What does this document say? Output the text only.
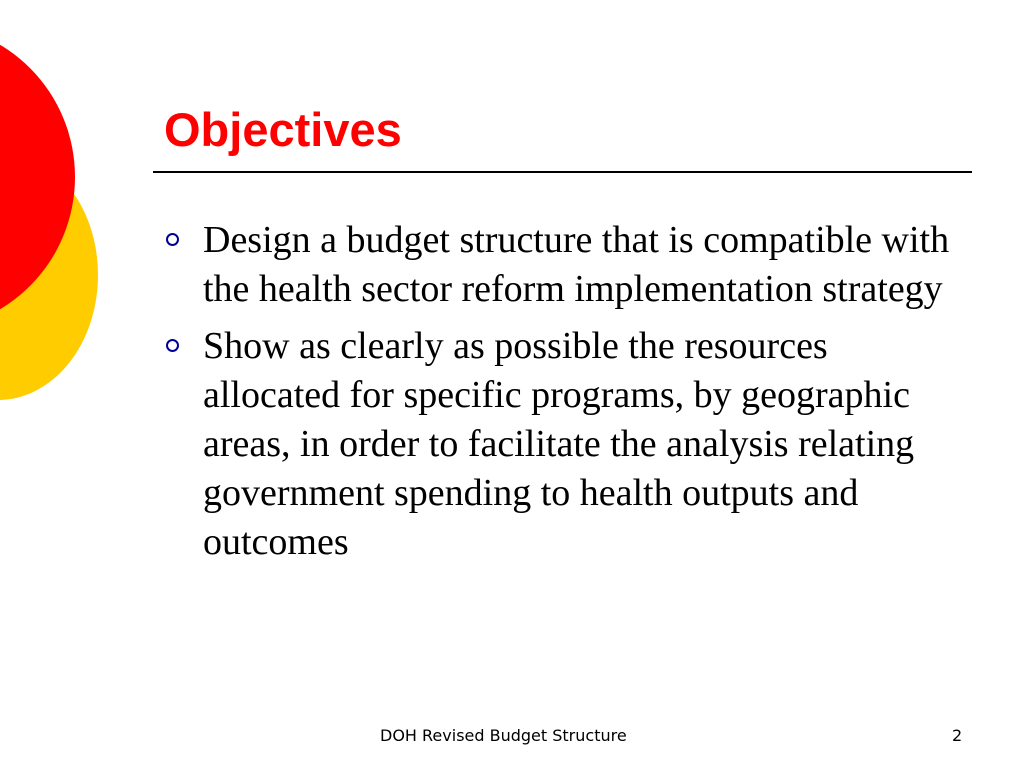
Objectives
Design a budget structure that is compatible with the health sector reform implementation strategy
Show as clearly as possible the resources allocated for specific programs, by geographic areas, in order to facilitate the analysis relating government spending to health outputs and outcomes
DOH Revised Budget Structure	2
